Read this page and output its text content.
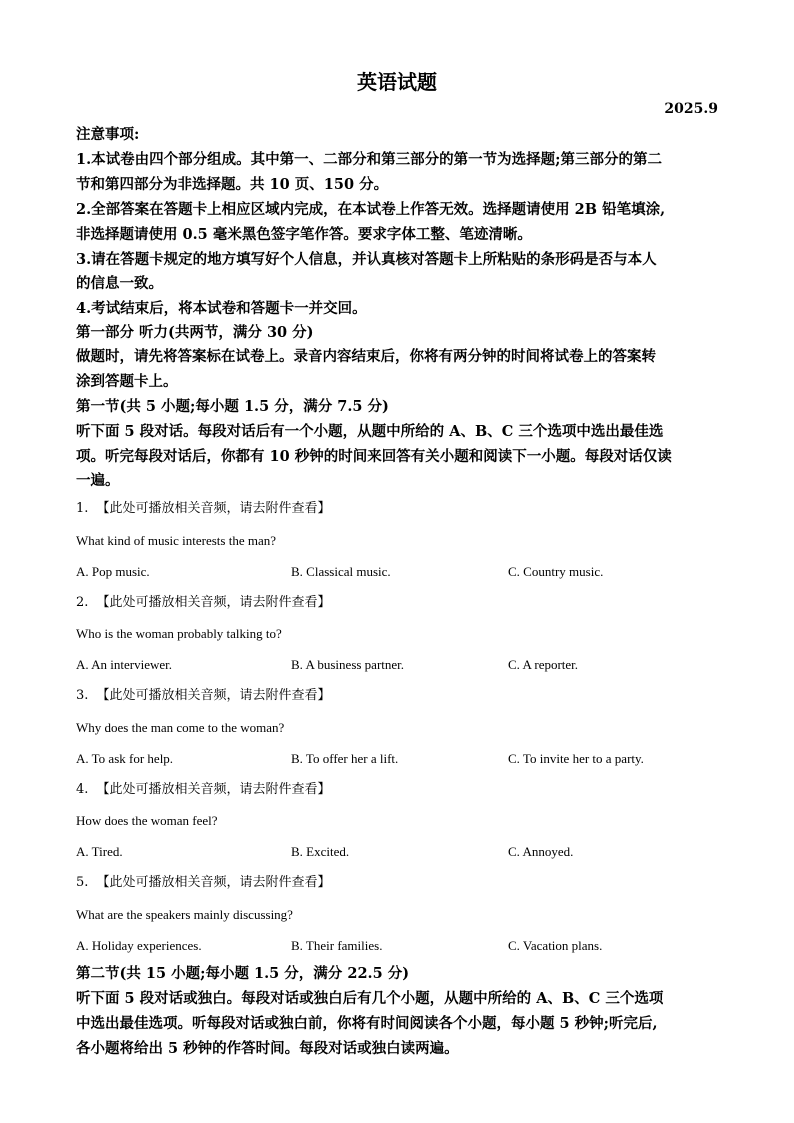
英语试题
2025.9
注意事项:
1.本试卷由四个部分组成。其中第一、二部分和第三部分的第一节为选择题;第三部分的第二
节和第四部分为非选择题。共 10 页、150 分。
2.全部答案在答题卡上相应区域内完成，在本试卷上作答无效。选择题请使用 2B 铅笔填涂,
非选择题请使用 0.5 毫米黑色签字笔作答。要求字体工整、笔迹清晰。
3.请在答题卡规定的地方填写好个人信息，并认真核对答题卡上所粘贴的条形码是否与本人
的信息一致。
4.考试结束后，将本试卷和答题卡一并交回。
第一部分 听力(共两节，满分 30 分)
做题时，请先将答案标在试卷上。录音内容结束后，你将有两分钟的时间将试卷上的答案转
涂到答题卡上。
第一节(共 5 小题;每小题 1.5 分，满分 7.5 分)
听下面 5 段对话。每段对话后有一个小题，从题中所给的 A、B、C 三个选项中选出最佳选
项。听完每段对话后，你都有 10 秒钟的时间来回答有关小题和阅读下一小题。每段对话仅读
一遍。
1. 【此处可播放相关音频，请去附件查看】
What kind of music interests the man?
A. Pop music.	B. Classical music.	C. Country music.
2. 【此处可播放相关音频，请去附件查看】
Who is the woman probably talking to?
A. An interviewer.	B. A business partner.	C. A reporter.
3. 【此处可播放相关音频，请去附件查看】
Why does the man come to the woman?
A. To ask for help.	B. To offer her a lift.	C. To invite her to a party.
4. 【此处可播放相关音频，请去附件查看】
How does the woman feel?
A. Tired.	B. Excited.	C. Annoyed.
5. 【此处可播放相关音频，请去附件查看】
What are the speakers mainly discussing?
A. Holiday experiences.	B. Their families.	C. Vacation plans.
第二节(共 15 小题;每小题 1.5 分，满分 22.5 分)
听下面 5 段对话或独白。每段对话或独白后有几个小题，从题中所给的 A、B、C 三个选项
中选出最佳选项。听每段对话或独白前，你将有时间阅读各个小题，每小题 5 秒钟;听完后,
各小题将给出 5 秒钟的作答时间。每段对话或独白读两遍。
